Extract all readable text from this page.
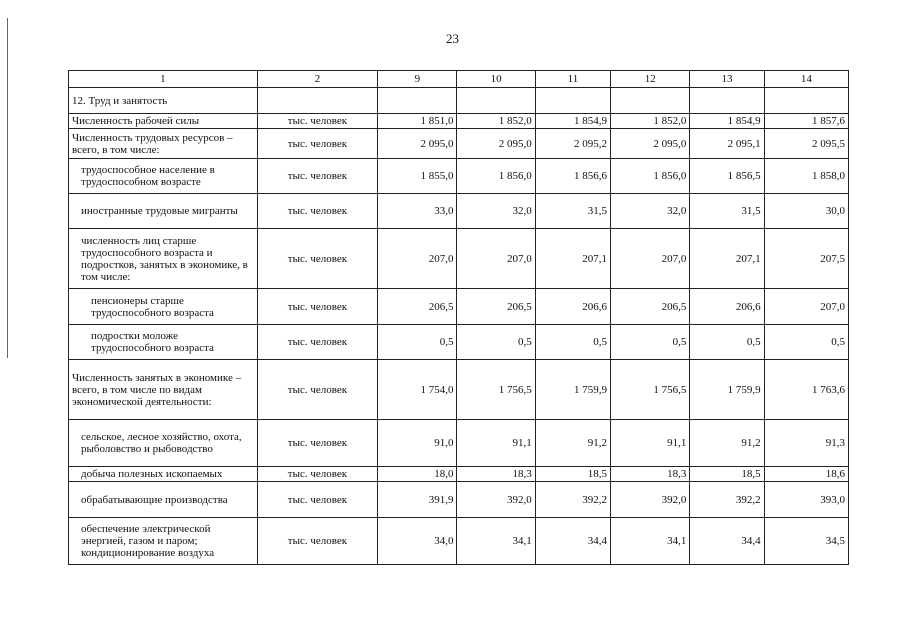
23
1	2	9	10	11	12	13	14
12. Труд и занятость							
Численность рабочей силы	тыс. человек	1 851,0	1 852,0	1 854,9	1 852,0	1 854,9	1 857,6
Численность трудовых ресурсов – всего, в том числе:	тыс. человек	2 095,0	2 095,0	2 095,2	2 095,0	2 095,1	2 095,5
трудоспособное население в трудоспособном возрасте	тыс. человек	1 855,0	1 856,0	1 856,6	1 856,0	1 856,5	1 858,0
иностранные трудовые мигранты	тыс. человек	33,0	32,0	31,5	32,0	31,5	30,0
численность лиц старше трудоспособного возраста и подростков, занятых в экономике, в том числе:	тыс. человек	207,0	207,0	207,1	207,0	207,1	207,5
пенсионеры старше трудоспособного возраста	тыс. человек	206,5	206,5	206,6	206,5	206,6	207,0
подростки моложе трудоспособного возраста	тыс. человек	0,5	0,5	0,5	0,5	0,5	0,5
Численность занятых в экономике – всего, в том числе по видам экономической деятельности:	тыс. человек	1 754,0	1 756,5	1 759,9	1 756,5	1 759,9	1 763,6
сельское, лесное хозяйство, охота, рыболовство и рыбоводство	тыс. человек	91,0	91,1	91,2	91,1	91,2	91,3
добыча полезных ископаемых	тыс. человек	18,0	18,3	18,5	18,3	18,5	18,6
обрабатывающие производства	тыс. человек	391,9	392,0	392,2	392,0	392,2	393,0
обеспечение электрической энергией, газом и паром; кондиционирование воздуха	тыс. человек	34,0	34,1	34,4	34,1	34,4	34,5
